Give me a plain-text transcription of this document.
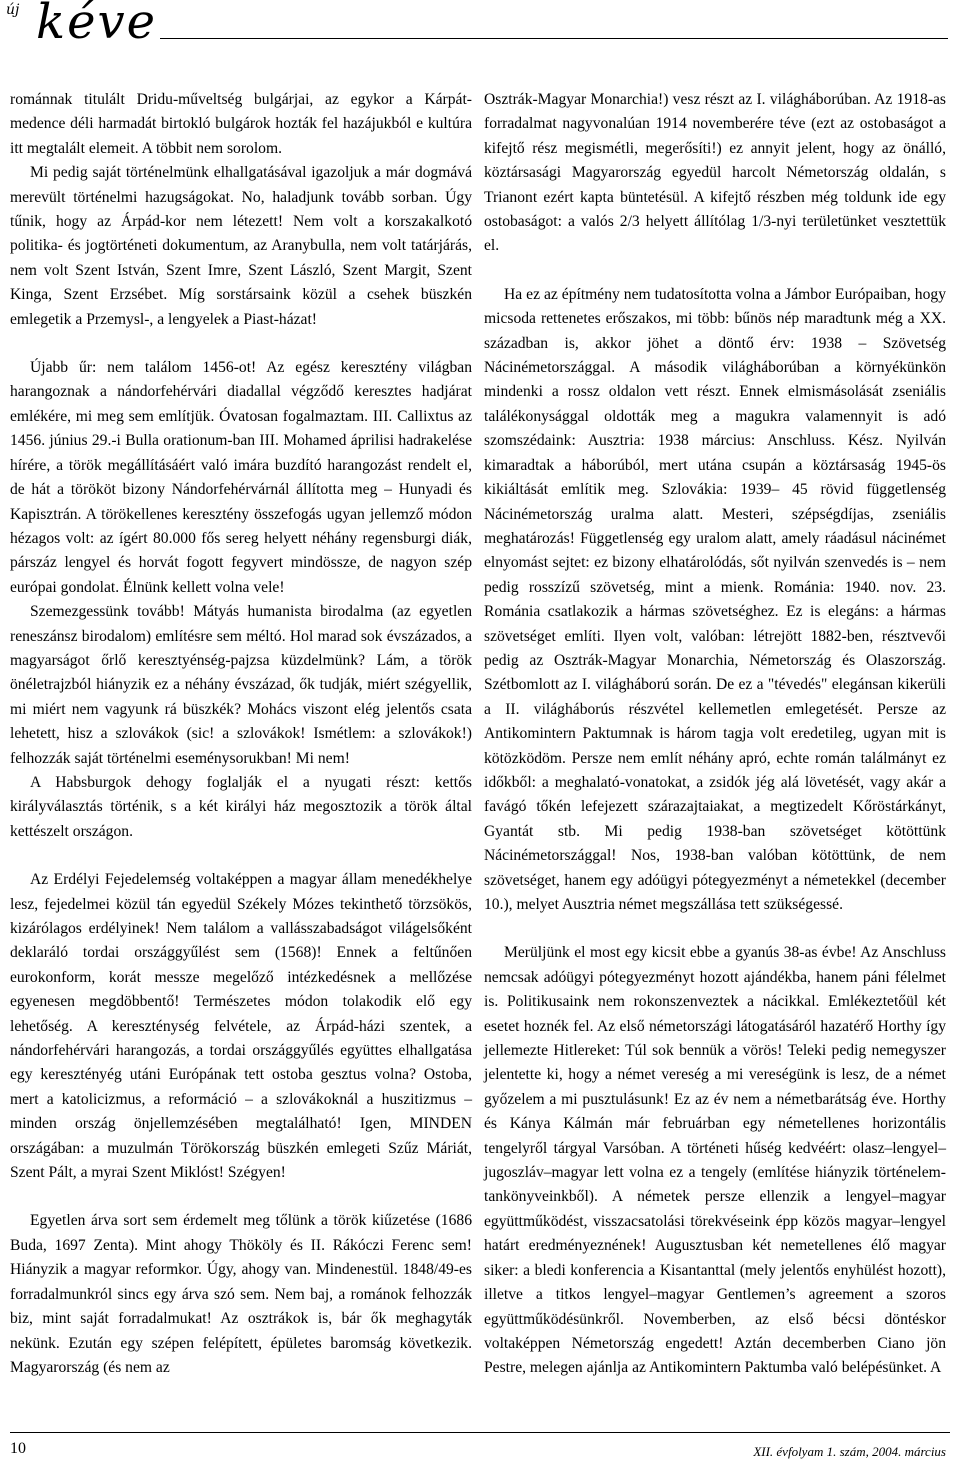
új kéve

románnak titulált Dridu-műveltség bulgárjai, az egykor a Kárpát-medence déli harmadát birtokló bulgárok hozták fel hazájukból e kultúra itt megtalált elemeit. A többit nem sorolom.

Mi pedig saját történelmünk elhallgatásával igazoljuk a már dogmává merevült történelmi hazugságokat. No, haladjunk tovább sorban. Úgy tűnik, hogy az Árpád-kor nem létezett! Nem volt a korszakalkotó politika- és jogtörténeti dokumentum, az Aranybulla, nem volt tatárjárás, nem volt Szent István, Szent Imre, Szent László, Szent Margit, Szent Kinga, Szent Erzsébet. Míg sorstársaink közül a csehek büszkén emlegetik a Przemysl-, a lengyelek a Piast-házat!

Újabb űr: nem találom 1456-ot! Az egész keresztény világban harangoznak a nándorfehérvári diadallal végződő keresztes hadjárat emlékére, mi meg sem említjük. Óvatosan fogalmaztam. III. Callixtus az 1456. június 29.-i Bulla orationum-ban III. Mohamed áprilisi hadrakelése hírére, a török megállításáért való imára buzdító harangozást rendelt el, de hát a törököt bizony Nándorfehérvárnál állította meg – Hunyadi és Kapisztrán. A törökellenes keresztény összefogás ugyan jellemző módon hézagos volt: az ígért 80.000 fős sereg helyett néhány regensburgi diák, párszáz lengyel és horvát fogott fegyvert mindössze, de nagyon szép európai gondolat. Élnünk kellett volna vele!

Szemezgessünk tovább! Mátyás humanista birodalma (az egyetlen reneszánsz birodalom) említésre sem méltó. Hol marad sok évszázados, a magyarságot őrlő keresztyénség-pajzsa küzdelmünk? Lám, a török önéletrajzból hiányzik ez a néhány évszázad, ők tudják, miért szégyellik, mi miért nem vagyunk rá büszkék? Mohács viszont elég jelentős csata lehetett, hisz a szlovákok (sic! a szlovákok! Ismétlem: a szlovákok!) felhozzák saját történelmi eseménysorukban! Mi nem!

A Habsburgok dehogy foglalják el a nyugati részt: kettős királyválasztás történik, s a két királyi ház megosztozik a török által kettészelt országon.

Az Erdélyi Fejedelemség voltaképpen a magyar állam menedékhelye lesz, fejedelmei közül tán egyedül Székely Mózes tekinthető törzsökös, kizárólagos erdélyinek! Nem találom a vallásszabadságot világelsőként deklaráló tordai országgyűlést sem (1568)! Ennek a feltűnően eurokonform, korát messze megelőző intézkedésnek a mellőzése egyenesen megdöbbentő! Természetes módon tolakodik elő egy lehetőség. A kereszténység felvétele, az Árpád-házi szentek, a nándorfehérvári harangozás, a tordai országgyűlés együttes elhallgatása egy keresztényég utáni Európának tett ostoba gesztus volna? Ostoba, mert a katolicizmus, a reformáció – a szlovákoknál a huszitizmus – minden ország önjellemzésében megtalálható! Igen, MINDEN országában: a muzulmán Törökország büszkén emlegeti Szűz Máriát, Szent Pált, a myrai Szent Miklóst! Szégyen!

Egyetlen árva sort sem érdemelt meg tőlünk a török kiűzetése (1686 Buda, 1697 Zenta). Mint ahogy Thököly és II. Rákóczi Ferenc sem! Hiányzik a magyar reformkor. Úgy, ahogy van. Mindenestül. 1848/49-es forradalmunkról sincs egy árva szó sem. Nem baj, a románok felhozzák biz, mint saját forradalmukat! Az osztrákok is, bár ők meghagyták nekünk. Ezután egy szépen felépített, épületes baromság következik. Magyarország (és nem az

Osztrák-Magyar Monarchia!) vesz részt az I. világháborúban. Az 1918-as forradalmat nagyvonalúan 1914 novemberére téve (ezt az ostobaságot a kifejtő rész megismétli, megerősíti!) ez annyit jelent, hogy az önálló, köztársasági Magyarország egyedül harcolt Németország oldalán, s Trianont ezért kapta büntetésül. A kifejtő részben még toldunk ide egy ostobaságot: a valós 2/3 helyett állítólag 1/3-nyi területünket vesztettük el.

Ha ez az építmény nem tudatosította volna a Jámbor Európaiban, hogy micsoda rettenetes erőszakos, mi több: bűnös nép maradtunk még a XX. században is, akkor jöhet a döntő érv: 1938 – Szövetség Nácinémetországgal. A második világháborúban a környékünkön mindenki a rossz oldalon vett részt. Ennek elmismásolását zseniális találékonysággal oldották meg a magukra valamennyit is adó szomszédaink: Ausztria: 1938 március: Anschluss. Kész. Nyilván kimaradtak a háborúból, mert utána csupán a köztársaság 1945-ös kikiáltását említik meg. Szlovákia: 1939– 45 rövid függetlenség Nácinémetország uralma alatt. Mesteri, szépségdíjas, zseniális meghatározás! Függetlenség egy uralom alatt, amely ráadásul nácinémet elnyomást sejtet: ez bizony elhatárolódás, sőt nyilván szenvedés is – nem pedig rosszízű szövetség, mint a mienk. Románia: 1940. nov. 23. Románia csatlakozik a hármas szövetséghez. Ez is elegáns: a hármas szövetséget említi. Ilyen volt, valóban: létrejött 1882-ben, résztvevői pedig az Osztrák-Magyar Monarchia, Németország és Olaszország. Szétbomlott az I. világháború során. De ez a "tévedés" elegánsan kikerüli a II. világháborús részvétel kellemetlen emlegetését. Persze az Antikomintern Paktumnak is három tagja volt eredetileg, ugyan mit is kötözködöm. Persze nem említ néhány apró, echte román találmányt ez időkből: a meghalató-vonatokat, a zsidók jég alá lövetését, vagy akár a favágó tőkén lefejezett szárazajtaiakat, a megtizedelt Kőröstárkányt, Gyantát stb. Mi pedig 1938-ban szövetséget kötöttünk Nácinémetországgal! Nos, 1938-ban valóban kötöttünk, de nem szövetséget, hanem egy adóügyi pótegyezményt a németekkel (december 10.), melyet Ausztria német megszállása tett szükségessé.

Merüljünk el most egy kicsit ebbe a gyanús 38-as évbe! Az Anschluss nemcsak adóügyi pótegyezményt hozott ajándékba, hanem páni félelmet is. Politikusaink nem rokonszenveztek a nácikkal. Emlékeztetőül két esetet hoznék fel. Az első németországi látogatásáról hazatérő Horthy így jellemezte Hitlereket: Túl sok bennük a vörös! Teleki pedig nemegyszer jelentette ki, hogy a német vereség a mi vereségünk is lesz, de a német győzelem a mi pusztulásunk! Ez az év nem a németbarátság éve. Horthy és Kánya Kálmán már februárban egy németellenes horizontális tengelyről tárgyal Varsóban. A történeti hűség kedvéért: olasz–lengyel–jugoszláv–magyar lett volna ez a tengely (említése hiányzik történelem-tankönyveinkből). A németek persze ellenzik a lengyel–magyar együttműködést, visszacsatolási törekvéseink épp közös magyar–lengyel határt eredményeznének! Augusztusban két nemetellenes élő magyar siker: a bledi konferencia a Kisantanttal (mely jelentős enyhülést hozott), illetve a titkos lengyel–magyar Gentlemen’s agreement a szoros együttműködésünkről. Novemberben, az első bécsi döntéskor voltaképpen Németország engedett! Aztán decemberben Ciano jön Pestre, melegen ajánlja az Antikomintern Paktumba való belépésünket. A

10	XII. évfolyam 1. szám, 2004. március
